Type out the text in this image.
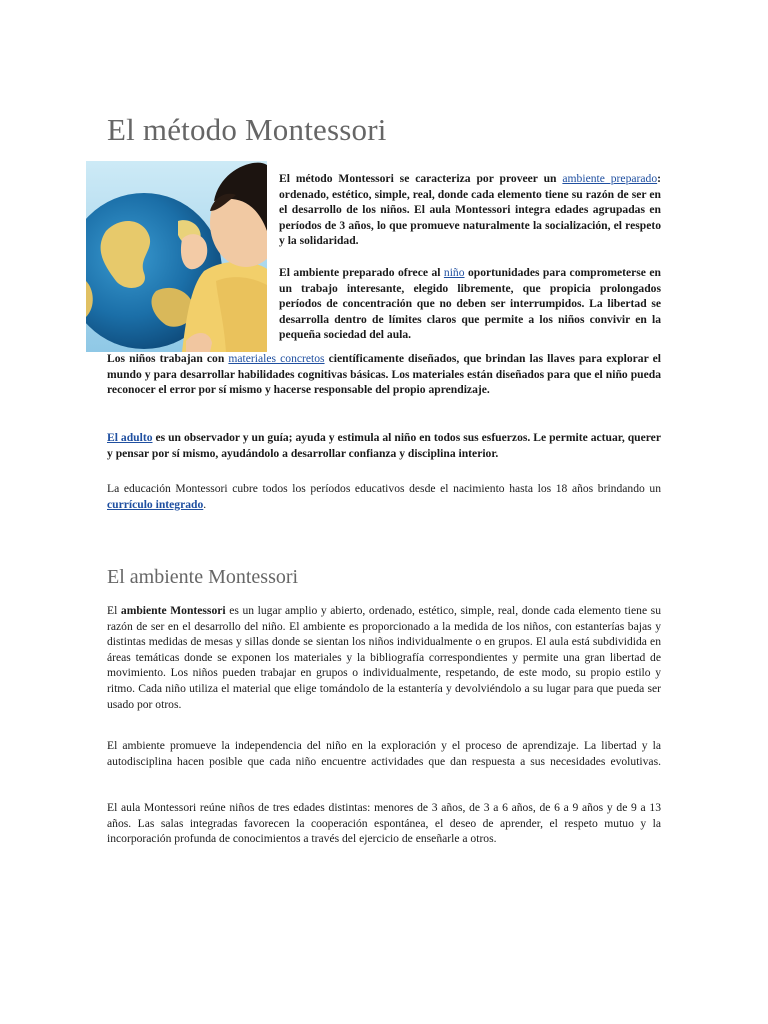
El método Montessori

El método Montessori se caracteriza por proveer un ambiente preparado: ordenado, estético, simple, real, donde cada elemento tiene su razón de ser en el desarrollo de los niños. El aula Montessori integra edades agrupadas en períodos de 3 años, lo que promueve naturalmente la socialización, el respeto y la solidaridad.

El ambiente preparado ofrece al niño oportunidades para comprometerse en un trabajo interesante, elegido libremente, que propicia prolongados períodos de concentración que no deben ser interrumpidos. La libertad se desarrolla dentro de límites claros que permite a los niños convivir en la pequeña sociedad del aula.

Los niños trabajan con materiales concretos científicamente diseñados, que brindan las llaves para explorar el mundo y para desarrollar habilidades cognitivas básicas. Los materiales están diseñados para que el niño pueda reconocer el error por sí mismo y hacerse responsable del propio aprendizaje.

El adulto es un observador y un guía; ayuda y estimula al niño en todos sus esfuerzos. Le permite actuar, querer y pensar por sí mismo, ayudándolo a desarrollar confianza y disciplina interior.

La educación Montessori cubre todos los períodos educativos desde el nacimiento hasta los 18 años brindando un currículo integrado.

El ambiente Montessori

El ambiente Montessori es un lugar amplio y abierto, ordenado, estético, simple, real, donde cada elemento tiene su razón de ser en el desarrollo del niño. El ambiente es proporcionado a la medida de los niños, con estanterías bajas y distintas medidas de mesas y sillas donde se sientan los niños individualmente o en grupos. El aula está subdividida en áreas temáticas donde se exponen los materiales y la bibliografía correspondientes y permite una gran libertad de movimiento. Los niños pueden trabajar en grupos o individualmente, respetando, de este modo, su propio estilo y ritmo. Cada niño utiliza el material que elige tomándolo de la estantería y devolviéndolo a su lugar para que pueda ser usado por otros.

El ambiente promueve la independencia del niño en la exploración y el proceso de aprendizaje. La libertad y la autodisciplina hacen posible que cada niño encuentre actividades que dan respuesta a sus necesidades evolutivas.

El aula Montessori reúne niños de tres edades distintas: menores de 3 años, de 3 a 6 años, de 6 a 9 años y de 9 a 13 años. Las salas integradas favorecen la cooperación espontánea, el deseo de aprender, el respeto mutuo y la incorporación profunda de conocimientos a través del ejercicio de enseñarle a otros.
